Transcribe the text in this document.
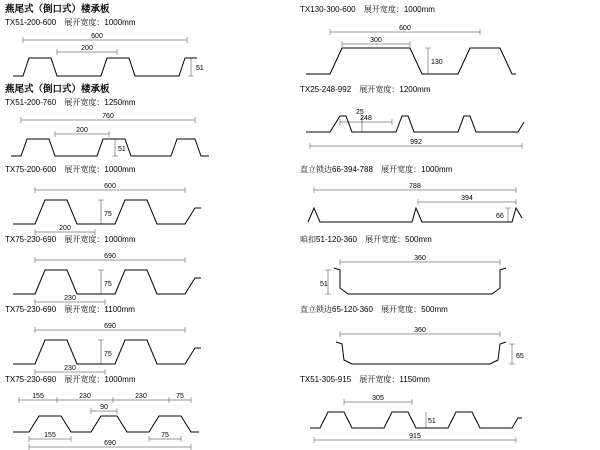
燕尾式（倒口式）楼承板
TX51-200-600 展开宽度：1000mm
600
200
51
燕尾式（倒口式）楼承板
TX51-200-760 展开宽度：1250mm
760
200
51
TX75-200-600 展开宽度：1000mm
600
200
75
TX75-230-690 展开宽度：1000mm
690
230
75
TX75-230-690 展开宽度：1100mm
690
230
75
TX75-230-690 展开宽度：1000mm
155	230	230	75
90
155	75
690
TX130-300-600 展开宽度：1000mm
600
300
130
TX25-248-992 展开宽度：1200mm
248
992
25
直立锁边66-394-788 展开宽度：1000mm
788
394
66
咱扣51-120-360 展开宽度：500mm
360
51
直立锁边65-120-360 展开宽度：500mm
360
65
TX51-305-915 展开宽度：1150mm
305
915
51
